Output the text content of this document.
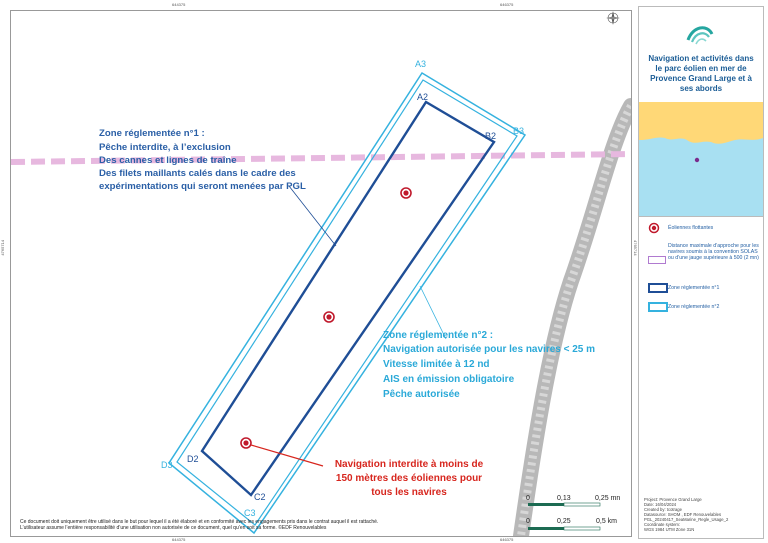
A2
B2
C2
D2
A3
B3
C3
D3
Zone réglementée n°1 :
Pêche interdite, à l’exclusion
Des cannes et lignes de traîne
Des filets maillants calés dans le cadre des
expérimentations qui seront menées par PGL
Zone réglementée n°2 :
Navigation autorisée pour les navires < 25 m
Vitesse limitée à 12 nd
AIS en émission obligatoire
Pêche autorisée
Navigation interdite à moins de
150 mètres des éoliennes pour
tous les navires
0	0,13	0,25 mn
0	0,25	0,5 km
644375	646375
644375	646375
4765714	4765714
Ce document doit uniquement être utilisé dans le but pour lequel il a été élaboré et en conformité avec les engagements pris dans le contrat auquel il est rattaché.
L’utilisateur assume l’entière responsabilité d’une utilisation non autorisée de ce document, quel qu’en soit sa forme. ©EDF Renouvelables
Navigation et activités dans le parc éolien en mer de Provence Grand Large et à ses abords
Éoliennes flottantes
Distance maximale d’approche pour les navires soumis à la convention SOLAS ou d’une jauge supérieure à 500 (2 mn)
Zone réglementée n°1
Zone réglementée n°2
Project: Provence Grand Large
Date: 16/04/2024
Created by: tcotrage
Datasource: SHOM , EDF Renouvelables
PGL_20240417_SeaMarine_Regle_Usage_2
Coordinate system:
WGS 1984 UTM Zone 31N
